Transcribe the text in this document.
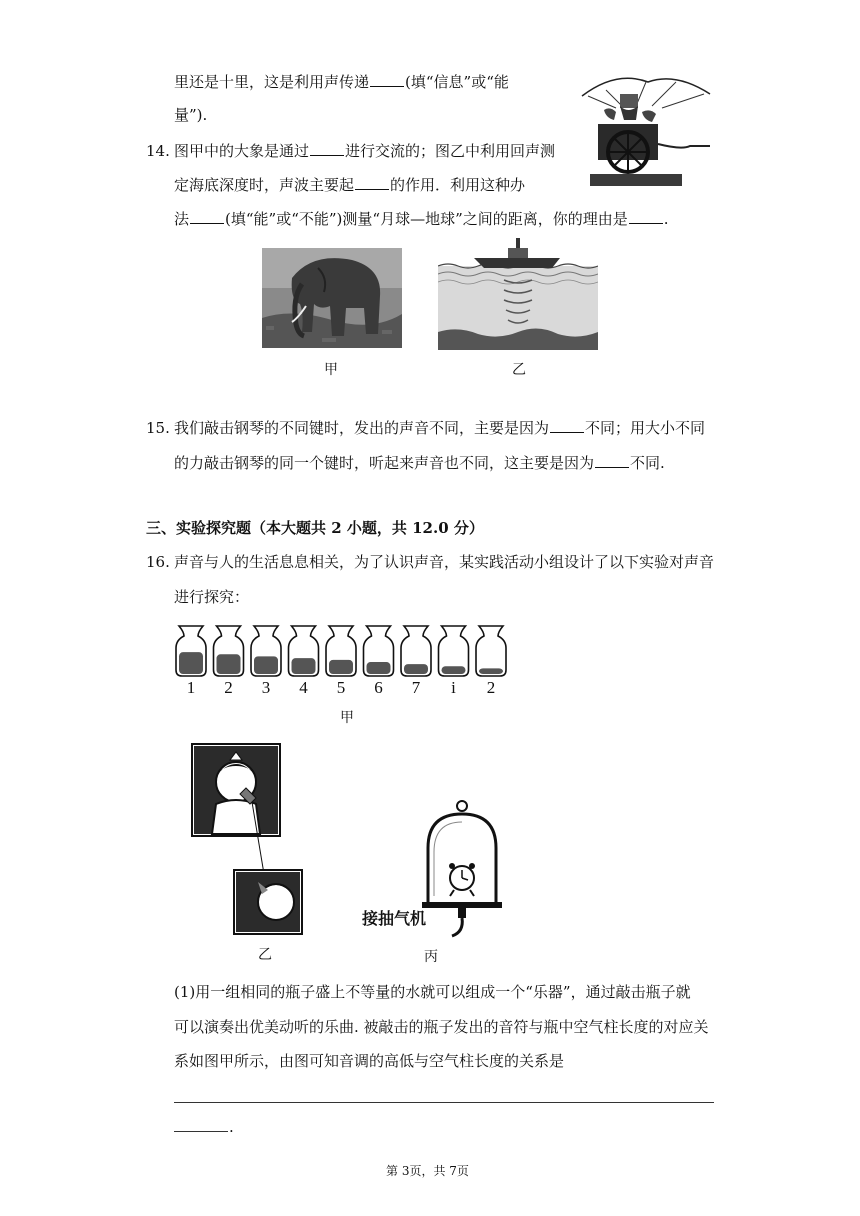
里还是十里，这是利用声传递 (填“信息”或“能
量”).
14. 图甲中的大象是通过 进行交流的；图乙中利用回声测
定海底深度时，声波主要起 的作用．利用这种办
法 (填“能”或“不能”)测量“月球—地球”之间的距离，你的理由是 .
甲	乙
15. 我们敲击钢琴的不同键时，发出的声音不同，主要是因为 不同；用大小不同
的力敲击钢琴的同一个键时，听起来声音也不同，这主要是因为 不同.
三、实验探究题（本大题共 2 小题，共 12.0 分）
16. 声音与人的生活息息相关，为了认识声音，某实践活动小组设计了以下实验对声音
进行探究：
1	2	3	4	5	6	7	i	2
甲
乙
接抽气机
丙
(1)用一组相同的瓶子盛上不等量的水就可以组成一个“乐器”，通过敲击瓶子就
可以演奏出优美动听的乐曲. 被敲击的瓶子发出的音符与瓶中空气柱长度的对应关
系如图甲所示，由图可知音调的高低与空气柱长度的关系是
.
第 3页，共 7页
